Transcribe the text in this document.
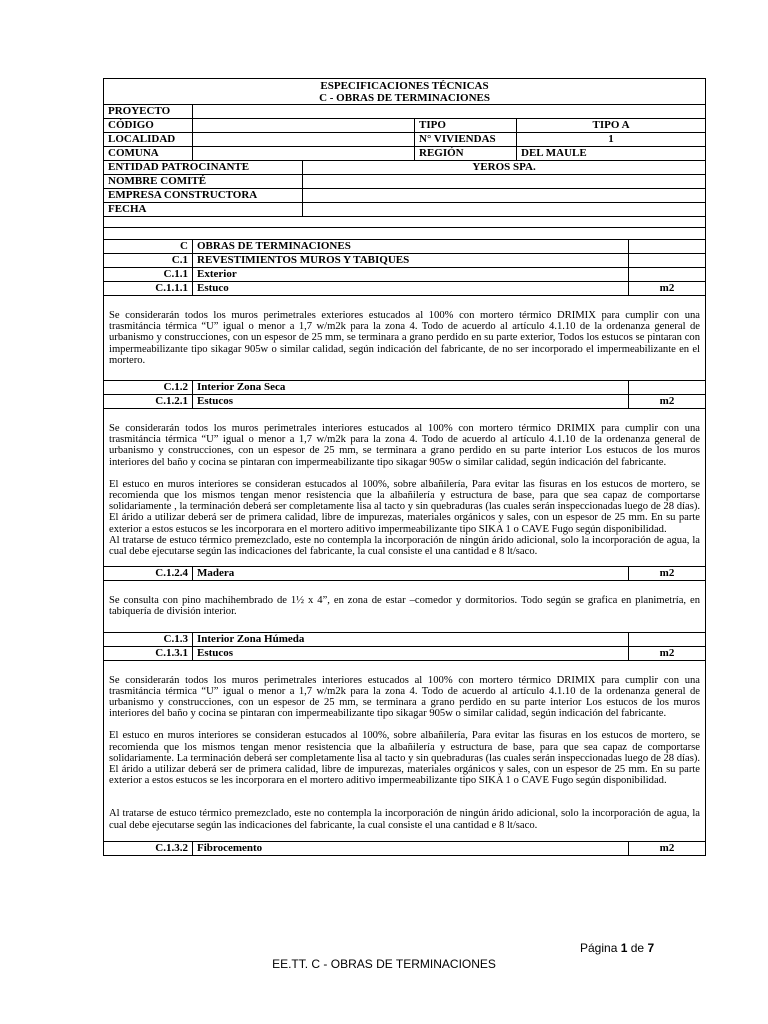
ESPECIFICACIONES TÉCNICAS
C - OBRAS DE TERMINACIONES				

PROYECTO				
CÓDIGO			TIPO	TIPO A
LOCALIDAD			N° VIVIENDAS	1
COMUNA			REGIÓN	DEL MAULE
ENTIDAD PATROCINANTE		YEROS SPA.		
NOMBRE COMITÉ				
EMPRESA CONSTRUCTORA				
FECHA				

C	OBRAS DE TERMINACIONES	
C.1	REVESTIMIENTOS MUROS Y TABIQUES	
C.1.1	Exterior	
C.1.1.1	Estuco	m2

Se considerarán todos los muros perimetrales exteriores estucados al 100% con mortero térmico DRIMIX para cumplir con una trasmitáncia térmica “U” igual o menor a 1,7 w/m2k para la zona 4. Todo de acuerdo al artículo 4.1.10 de la ordenanza general de urbanismo y construcciones, con un espesor de 25 mm, se terminara a grano perdido en su parte exterior, Todos los estucos se pintaran con impermeabilizante tipo sikagar 905w o similar calidad, según indicación del fabricante, de no ser incorporado el impermeabilizante en el mortero.		

C.1.2	Interior Zona Seca	
C.1.2.1	Estucos	m2

Se considerarán todos los muros perimetrales interiores estucados al 100% con mortero térmico DRIMIX para cumplir con una trasmitáncia térmica “U” igual o menor a 1,7 w/m2k para la zona 4. Todo de acuerdo al artículo 4.1.10 de la ordenanza general de urbanismo y construcciones, con un espesor de 25 mm, se terminara a grano perdido en su parte interior Los estucos de los muros interiores del baño y cocina se pintaran con impermeabilizante tipo sikagar 905w o similar calidad, según indicación del fabricante.

El estuco en muros interiores se consideran estucados al 100%, sobre albañilería, Para evitar las fisuras en los estucos de mortero, se recomienda que los mismos tengan menor resistencia que la albañilería y estructura de base, para que sea capaz de comportarse solidariamente , la terminación deberá ser completamente lisa al tacto y sin quebraduras (las cuales serán inspeccionadas luego de 28 días). El árido a utilizar deberá ser de primera calidad, libre de impurezas, materiales orgánicos y sales, con un espesor de 25 mm. En su parte exterior a estos estucos se les incorporara en el mortero aditivo impermeabilizante tipo SIKA 1 o CAVE Fugo según disponibilidad.

Al tratarse de estuco térmico premezclado, este no contempla la incorporación de ningún árido adicional, solo la incorporación de agua, la cual debe ejecutarse según las indicaciones del fabricante, la cual consiste el una cantidad e 8 lt/saco.		

C.1.2.4	Madera	m2

Se consulta con pino machihembrado de 1½ x 4”, en zona de estar –comedor y dormitorios. Todo según se grafica en planimetría, en tabiquería de división interior.		

C.1.3	Interior Zona Húmeda	
C.1.3.1	Estucos	m2

Se considerarán todos los muros perimetrales interiores estucados al 100% con mortero térmico DRIMIX para cumplir con una trasmitáncia térmica “U” igual o menor a 1,7 w/m2k para la zona 4. Todo de acuerdo al artículo 4.1.10 de la ordenanza general de urbanismo y construcciones, con un espesor de 25 mm, se terminara a grano perdido en su parte interior Los estucos de los muros interiores del baño y cocina se pintaran con impermeabilizante tipo sikagar 905w o similar calidad, según indicación del fabricante.

El estuco en muros interiores se consideran estucados al 100%, sobre albañilería, Para evitar las fisuras en los estucos de mortero, se recomienda que los mismos tengan menor resistencia que la albañilería y estructura de base, para que sea capaz de comportarse solidariamente. La terminación deberá ser completamente lisa al tacto y sin quebraduras (las cuales serán inspeccionadas luego de 28 días). El árido a utilizar deberá ser de primera calidad, libre de impurezas, materiales orgánicos y sales, con un espesor de 25 mm. En su parte exterior a estos estucos se les incorporara en el mortero aditivo impermeabilizante tipo SIKA 1 o CAVE Fugo según disponibilidad.

Al tratarse de estuco térmico premezclado, este no contempla la incorporación de ningún árido adicional, solo la incorporación de agua, la cual debe ejecutarse según las indicaciones del fabricante, la cual consiste el una cantidad e 8 lt/saco.		

C.1.3.2	Fibrocemento	m2
Página 1 de 7
EE.TT. C - OBRAS DE TERMINACIONES
